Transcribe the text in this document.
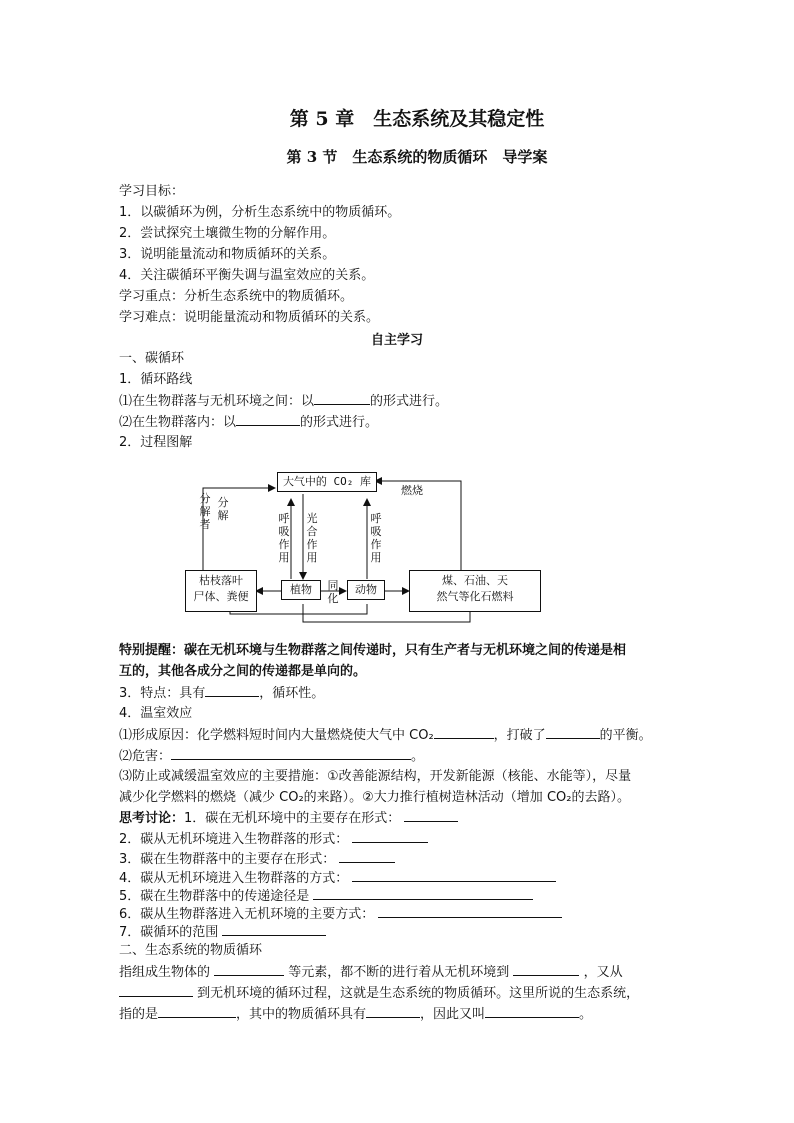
第 5 章　生态系统及其稳定性
第 3 节　生态系统的物质循环　导学案
学习目标：
1．以碳循环为例，分析生态系统中的物质循环。
2．尝试探究土壤微生物的分解作用。
3．说明能量流动和物质循环的关系。
4．关注碳循环平衡失调与温室效应的关系。
学习重点：分析生态系统中的物质循环。
学习难点：说明能量流动和物质循环的关系。
自主学习
一、碳循环
1．循环路线
⑴在生物群落与无机环境之间：以	的形式进行。
⑵在生物群落内：以	的形式进行。
2．过程图解
大气中的 CO₂ 库
枯枝落叶
尸体、粪便
植物	动物
煤、石油、天
然气等化石燃料
燃烧
分解者
分解	呼吸作用
光合作用
呼吸作用
同化
特别提醒：碳在无机环境与生物群落之间传递时，只有生产者与无机环境之间的传递是相
互的，其他各成分之间的传递都是单向的。
3．特点：具有	，循环性。
4．温室效应
⑴形成原因：化学燃料短时间内大量燃烧使大气中 CO₂	，打破了	的平衡。
⑵危害：	。
⑶防止或减缓温室效应的主要措施：①改善能源结构，开发新能源（核能、水能等），尽量
减少化学燃料的燃烧（减少 CO₂的来路）。②大力推行植树造林活动（增加 CO₂的去路）。
思考讨论：1．碳在无机环境中的主要存在形式：
2．碳从无机环境进入生物群落的形式：
3．碳在生物群落中的主要存在形式：
4．碳从无机环境进入生物群落的方式：
5．碳在生物群落中的传递途径是
6．碳从生物群落进入无机环境的主要方式：
7．碳循环的范围
二、生态系统的物质循环
指组成生物体的	等元素，都不断的进行着从无机环境到	，又从
到无机环境的循环过程，这就是生态系统的物质循环。这里所说的生态系统，
指的是	，其中的物质循环具有	，因此又叫	。
